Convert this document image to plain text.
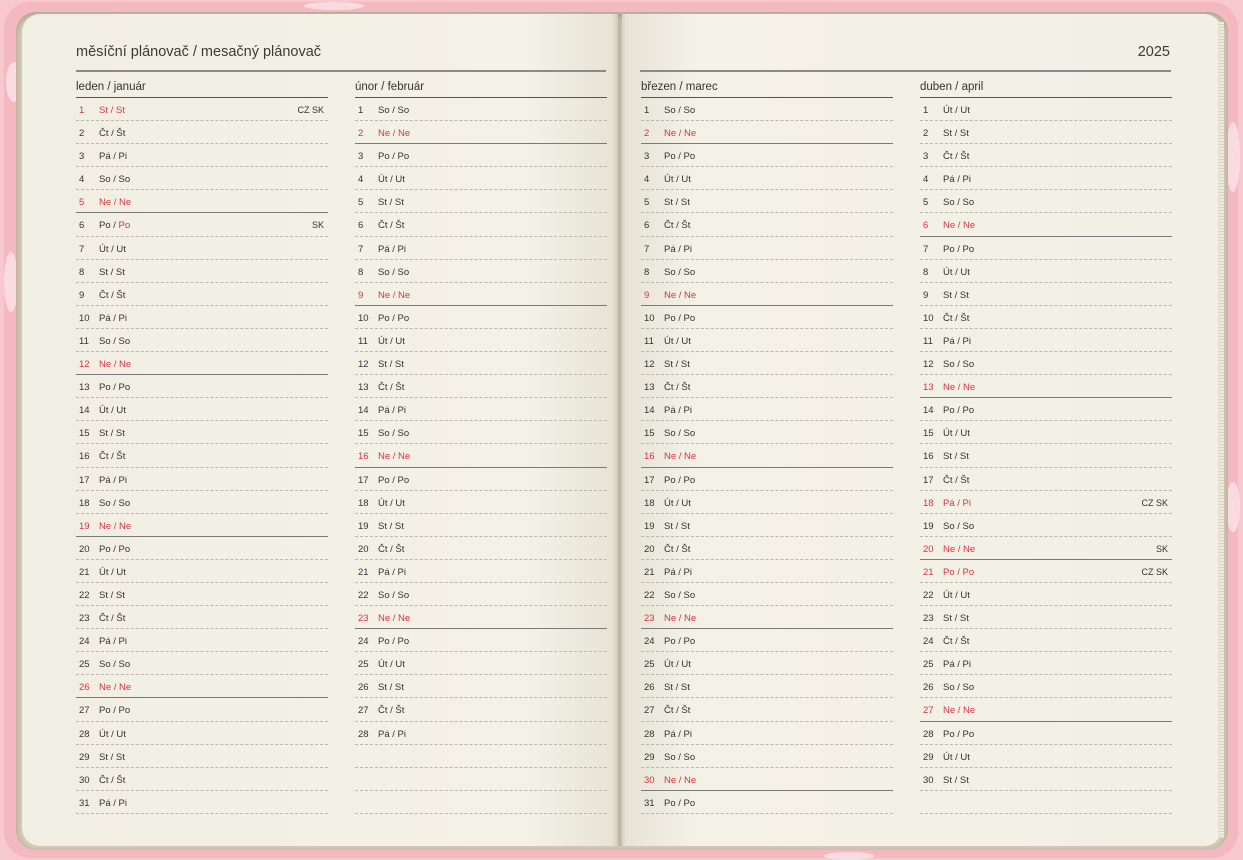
měsíční plánovač / mesačný plánovač	2025
leden / január
1	St / St	CZ SK
2	Čt / Št
3	Pá / Pi
4	So / So
5	Ne / Ne
6	Po / Po	SK
7	Út / Ut
8	St / St
9	Čt / Št
10 Pá / Pi
11	So / So
12 Ne / Ne
13 Po / Po
14 Út / Ut
15 St / St
16 Čt / Št
17 Pá / Pi
18 So / So
19 Ne / Ne
20 Po / Po
21 Út / Ut
22 St / St
23 Čt / Št
24 Pá / Pi
25 So / So
26 Ne / Ne
27 Po / Po
28 Út / Ut
29 St / St
30 Čt / Št
31 Pá / Pi
únor / február
1	So / So
2	Ne / Ne
3	Po / Po
4	Út / Ut
5	St / St
6	Čt / Št
7	Pá / Pi
8	So / So
9	Ne / Ne
10 Po / Po
11	Út / Ut
12 St / St
13 Čt / Št
14 Pá / Pi
15 So / So
16 Ne / Ne
17 Po / Po
18 Út / Ut
19 St / St
20 Čt / Št
21 Pá / Pi
22 So / So
23 Ne / Ne
24 Po / Po
25 Út / Ut
26 St / St
27 Čt / Št
28 Pá / Pi
březen / marec
1	So / So
2	Ne / Ne
3	Po / Po
4	Út / Ut
5	St / St
6	Čt / Št
7	Pá / Pi
8	So / So
9	Ne / Ne
10 Po / Po
11	Út / Ut
12 St / St
13 Čt / Št
14 Pá / Pi
15 So / So
16 Ne / Ne
17 Po / Po
18 Út / Ut
19 St / St
20 Čt / Št
21 Pá / Pi
22 So / So
23 Ne / Ne
24 Po / Po
25 Út / Ut
26 St / St
27 Čt / Št
28 Pá / Pi
29 So / So
30 Ne / Ne
31 Po / Po
duben / april
1	Út / Ut
2	St / St
3	Čt / Št
4	Pá / Pi
5	So / So
6	Ne / Ne
7	Po / Po
8	Út / Ut
9	St / St
10 Čt / Št
11	Pá / Pi
12 So / So
13 Ne / Ne
14 Po / Po
15 Út / Ut
16 St / St
17 Čt / Št
18 Pá / Pi	CZ SK
19 So / So
20 Ne / Ne	SK
21 Po / Po	CZ SK
22 Út / Ut
23 St / St
24 Čt / Št
25 Pá / Pi
26 So / So
27 Ne / Ne
28 Po / Po
29 Út / Ut
30 St / St
